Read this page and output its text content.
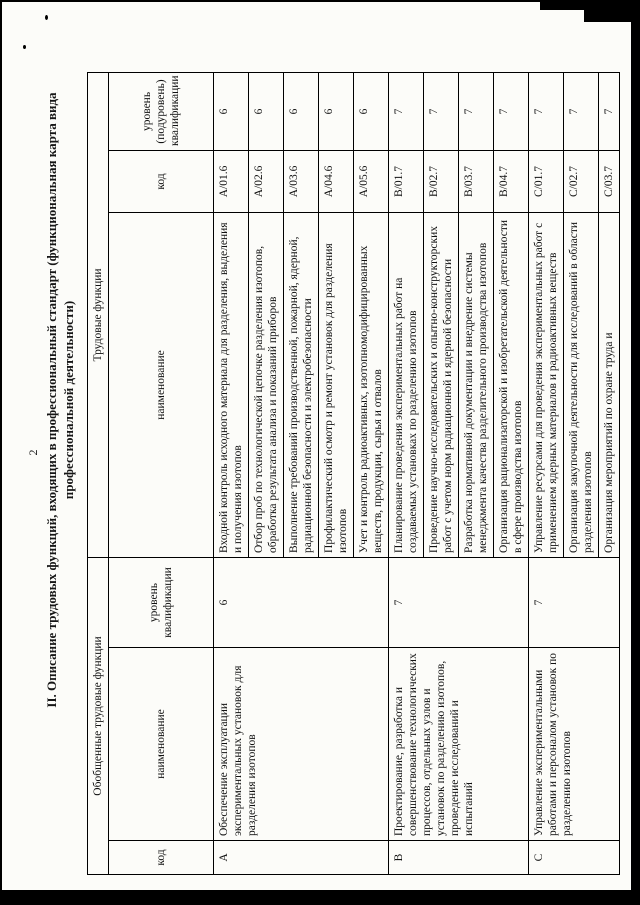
2 II. Описание трудовых функций, входящих в профессиональный стандарт (функциональная карта вида профессиональной деятельности)
Обобщенные трудовые функции			Трудовые функции		
код	наименование	уровень квалификации	наименование	код	уровень (подуровень) квалификации
А	Обеспечение эксплуатации экспериментальных установок для разделения изотопов	6	Входной контроль исходного материала для разделения, выделения и получения изотопов	А/01.6	6
			Отбор проб по технологической цепочке разделения изотопов, обработка результата анализа и показаний приборов	А/02.6	6
			Выполнение требований производственной, пожарной, ядерной, радиационной безопасности и электробезопасности	А/03.6	6
			Профилактический осмотр и ремонт установок для разделения изотопов	А/04.6	6
			Учет и контроль радиоактивных, изотопномодифицированных веществ, продукции, сырья и отвалов	А/05.6	6
В	Проектирование, разработка и совершенствование технологических процессов, отдельных узлов и установок по разделению изотопов, проведение исследований и испытаний	7	Планирование проведения экспериментальных работ на создаваемых установках по разделению изотопов	В/01.7	7
			Проведение научно-исследовательских и опытно-конструкторских работ с учетом норм радиационной и ядерной безопасности	В/02.7	7
			Разработка нормативной документации и внедрение системы менеджмента качества разделительного производства изотопов	В/03.7	7
			Организация рационализаторской и изобретательской деятельности в сфере производства изотопов	В/04.7	7
С	Управление экспериментальными работами и персоналом установок по разделению изотопов	7	Управление ресурсами для проведения экспериментальных работ с применением ядерных материалов и радиоактивных веществ	С/01.7	7
			Организация закупочной деятельности для исследований в области разделения изотопов	С/02.7	7
			Организация мероприятий по охране труда и	С/03.7	7
